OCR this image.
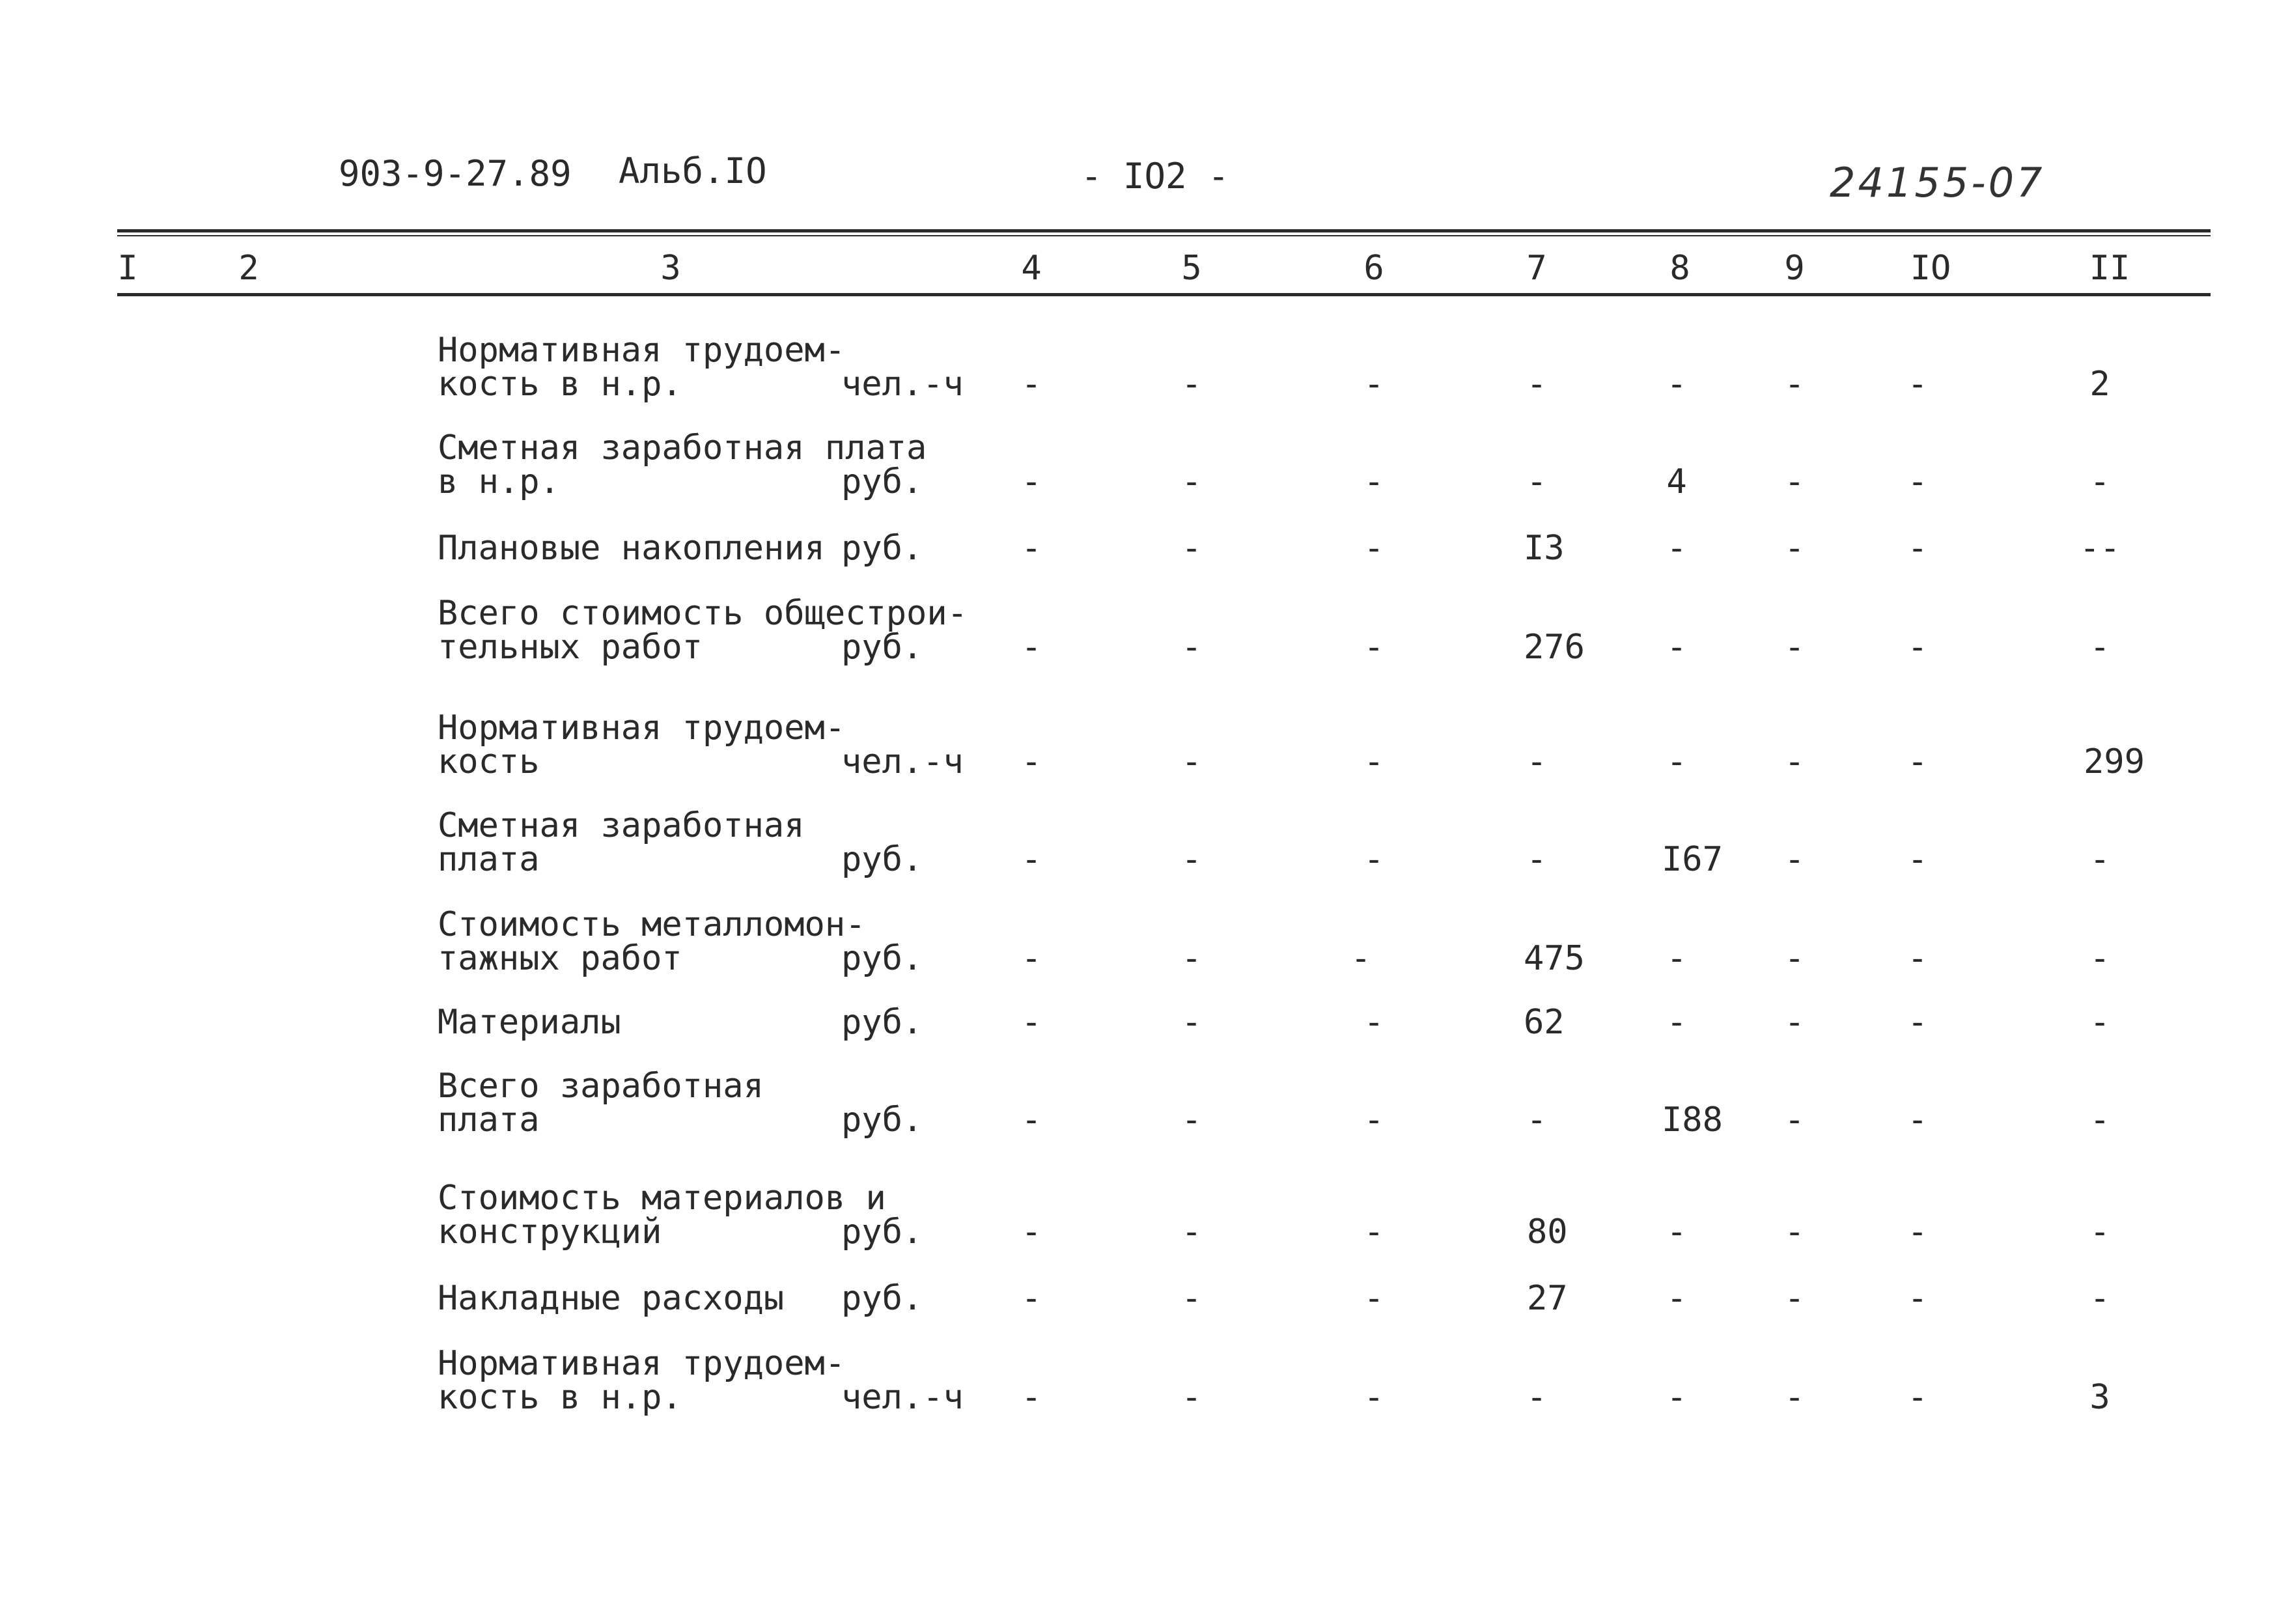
903-9-27.89 Альб.IO	- IO2 -	24155-07
I	2	3	4	5	6	7	8	9	IO	II
Нормативная трудоем-
кость в н.р.	чел.-ч -	-	-	-	-	-	-	2
Сметная заработная плата
в н.р.	руб.	-	-	-	-	4	-	-	-
Плановые накопления руб.	-	-	-	I3	-	-	-	--
Всего стоимость общестрои-
тельных работ	руб.	-	-	-	276 -	-	-	-
Нормативная трудоем-
кость	чел.-ч -	-	-	-	-	-	-	299
Сметная заработная
плата	руб.	-	-	-	-	I67 -	-	-
Стоимость металломон-
тажных работ	руб.	-	-	-	475 -	-	-	-
Материалы	руб.	-	-	-	62	-	-	-	-
Всего заработная
плата	руб.	-	-	-	-	I88 -	-	-
Стоимость материалов и
конструкций	руб.	-	-	-	80	-	-	-	-
Накладные расходы руб.	-	-	-	27	-	-	-	-
Нормативная трудоем-
кость в н.р.	чел.-ч -	-	-	-	-	-	-	3
